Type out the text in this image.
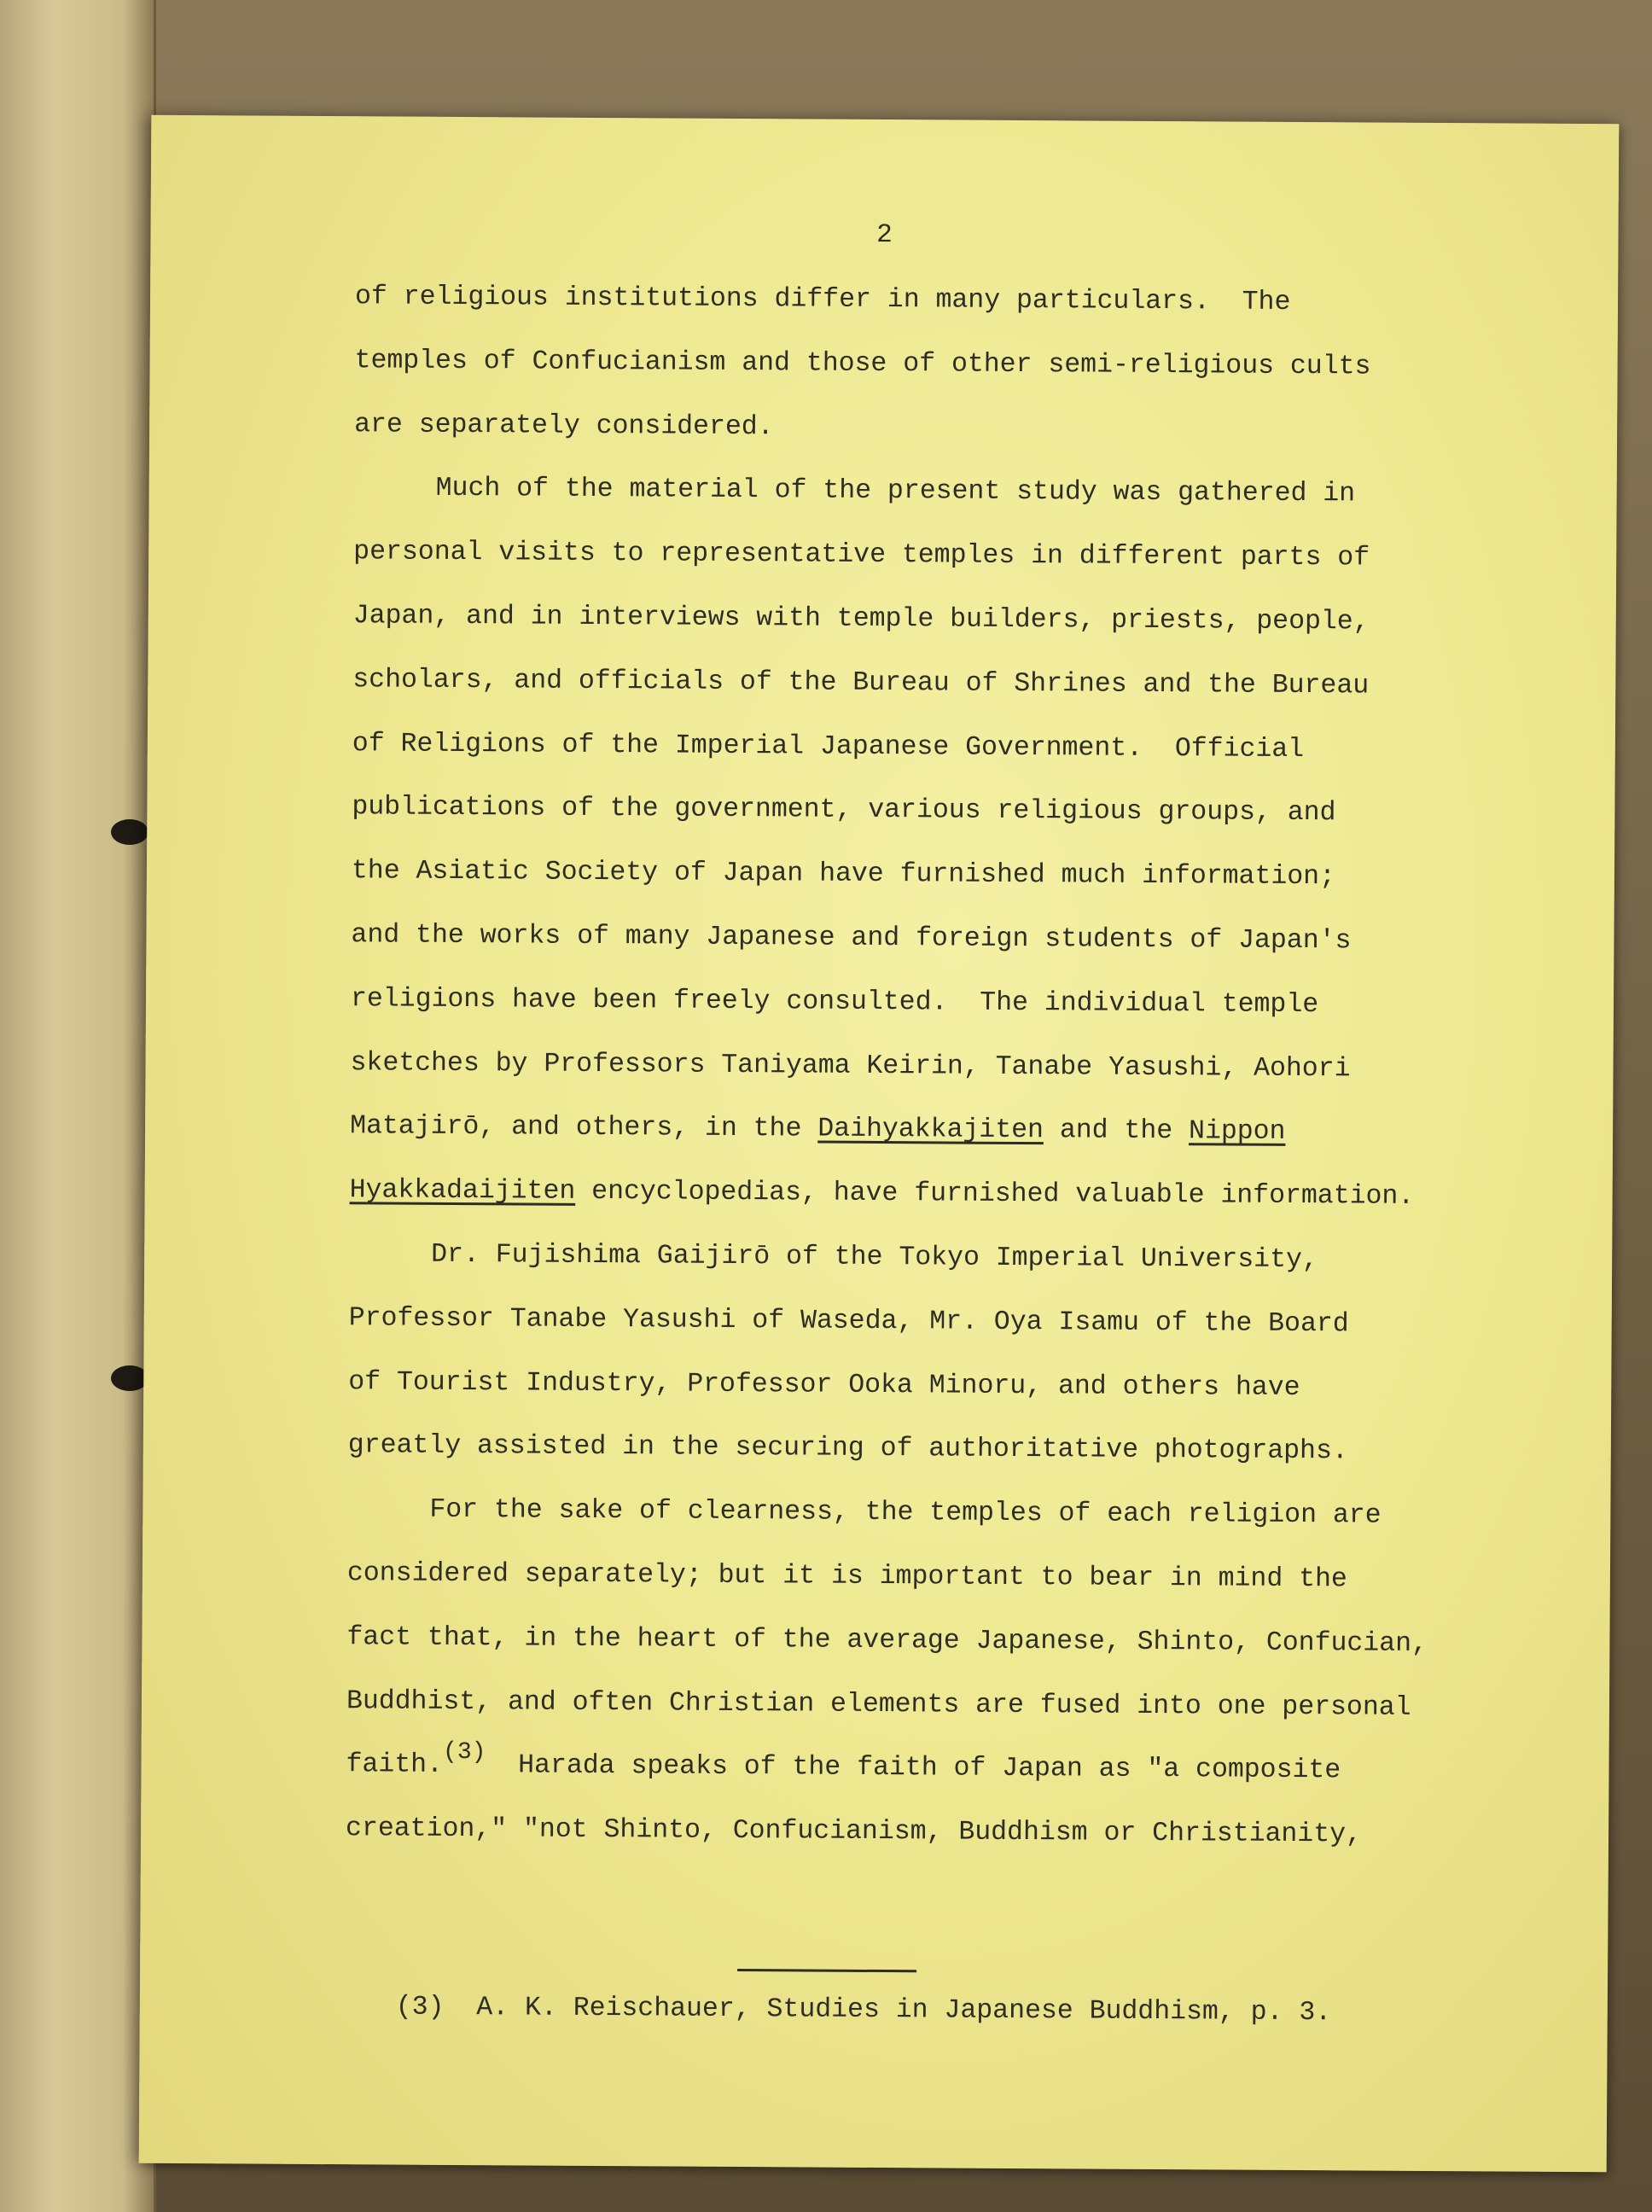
2
of religious institutions differ in many particulars.  The
temples of Confucianism and those of other semi-religious cults
are separately considered.
Much of the material of the present study was gathered in
personal visits to representative temples in different parts of
Japan, and in interviews with temple builders, priests, people,
scholars, and officials of the Bureau of Shrines and the Bureau
of Religions of the Imperial Japanese Government.  Official
publications of the government, various religious groups, and
the Asiatic Society of Japan have furnished much information;
and the works of many Japanese and foreign students of Japan's
religions have been freely consulted.  The individual temple
sketches by Professors Taniyama Keirin, Tanabe Yasushi, Aohori
Matajirō, and others, in the Daihyakkajiten and the Nippon
Hyakkadaijiten encyclopedias, have furnished valuable information.
Dr. Fujishima Gaijirō of the Tokyo Imperial University,
Professor Tanabe Yasushi of Waseda, Mr. Oya Isamu of the Board
of Tourist Industry, Professor Ooka Minoru, and others have
greatly assisted in the securing of authoritative photographs.
For the sake of clearness, the temples of each religion are
considered separately; but it is important to bear in mind the
fact that, in the heart of the average Japanese, Shinto, Confucian,
Buddhist, and often Christian elements are fused into one personal
faith.(3)  Harada speaks of the faith of Japan as "a composite
creation," "not Shinto, Confucianism, Buddhism or Christianity,
(3)  A. K. Reischauer, Studies in Japanese Buddhism, p. 3.
